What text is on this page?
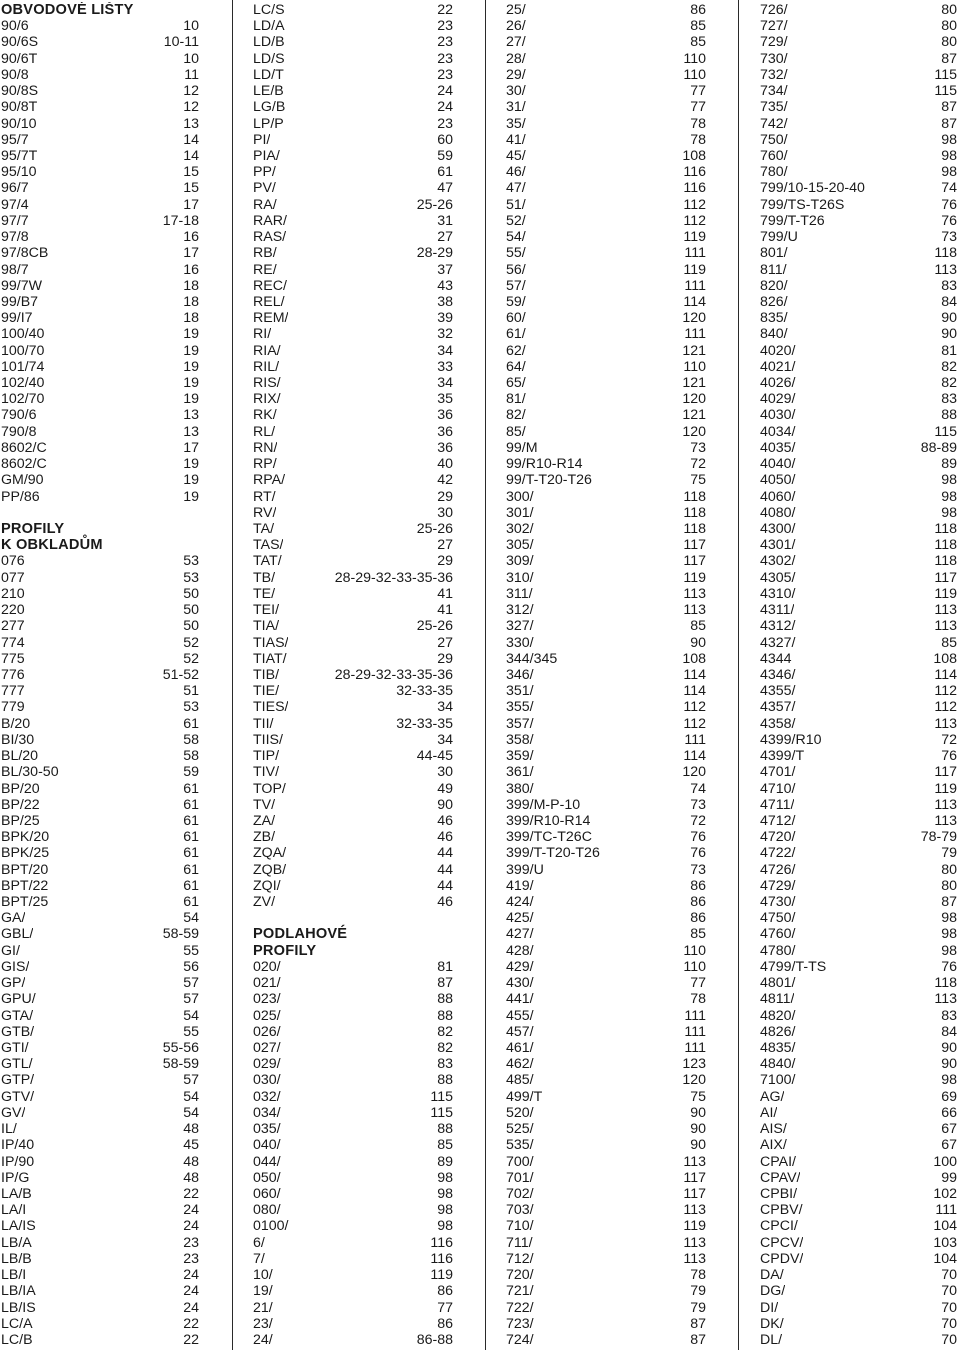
OBVODOVÉ LIŠTY
90/6	10
90/6S	10-11
90/6T	10
90/8	11
90/8S	12
90/8T	12
90/10	13
95/7	14
95/7T	14
95/10	15
96/7	15
97/4	17
97/7	17-18
97/8	16
97/8CB	17
98/7	16
99/7W	18
99/B7	18
99/I7	18
100/40	19
100/70	19
101/74	19
102/40	19
102/70	19
790/6	13
790/8	13
8602/C	17
8602/C	19
GM/90	19
PP/86	19
PROFILY
K OBKLADŮM
076	53
077	53
210	50
220	50
277	50
774	52
775	52
776	51-52
777	51
779	53
B/20	61
BI/30	58
BL/20	58
BL/30-50	59
BP/20	61
BP/22	61
BP/25	61
BPK/20	61
BPK/25	61
BPT/20	61
BPT/22	61
BPT/25	61
GA/	54
GBL/	58-59
GI/	55
GIS/	56
GP/	57
GPU/	57
GTA/	54
GTB/	55
GTI/	55-56
GTL/	58-59
GTP/	57
GTV/	54
GV/	54
IL/	48
IP/40	45
IP/90	48
IP/G	48
LA/B	22
LA/I	24
LA/IS	24
LB/A	23
LB/B	23
LB/I	24
LB/IA	24
LB/IS	24
LC/A	22
LC/B	22
LC/S	22
LD/A	23
LD/B	23
LD/S	23
LD/T	23
LE/B	24
LG/B	24
LP/P	23
PI/	60
PIA/	59
PP/	61
PV/	47
RA/	25-26
RAR/	31
RAS/	27
RB/	28-29
RE/	37
REC/	43
REL/	38
REM/	39
RI/	32
RIA/	34
RIL/	33
RIS/	34
RIX/	35
RK/	36
RL/	36
RN/	36
RP/	40
RPA/	42
RT/	29
RV/	30
TA/	25-26
TAS/	27
TAT/	29
TB/	28-29-32-33-35-36
TE/	41
TEI/	41
TIA/	25-26
TIAS/	27
TIAT/	29
TIB/	28-29-32-33-35-36
TIE/	32-33-35
TIES/	34
TII/	32-33-35
TIIS/	34
TIP/	44-45
TIV/	30
TOP/	49
TV/	90
ZA/	46
ZB/	46
ZQA/	44
ZQB/	44
ZQI/	44
ZV/	46
PODLAHOVÉ
PROFILY
020/	81
021/	87
023/	88
025/	88
026/	82
027/	82
029/	83
030/	88
032/	115
034/	115
035/	88
040/	85
044/	89
050/	98
060/	98
080/	98
0100/	98
6/	116
7/	116
10/	119
19/	86
21/	77
23/	86
24/	86-88
25/	86
26/	85
27/	85
28/	110
29/	110
30/	77
31/	77
35/	78
41/	78
45/	108
46/	116
47/	116
51/	112
52/	112
54/	119
55/	111
56/	119
57/	111
59/	114
60/	120
61/	111
62/	121
64/	110
65/	121
81/	120
82/	121
85/	120
99/M	73
99/R10-R14	72
99/T-T20-T26	75
300/	118
301/	118
302/	118
305/	117
309/	117
310/	119
311/	113
312/	113
327/	85
330/	90
344/345	108
346/	114
351/	114
355/	112
357/	112
358/	111
359/	114
361/	120
380/	74
399/M-P-10	73
399/R10-R14	72
399/TC-T26C	76
399/T-T20-T26	76
399/U	73
419/	86
424/	86
425/	86
427/	85
428/	110
429/	110
430/	77
441/	78
455/	111
457/	111
461/	111
462/	123
485/	120
499/T	75
520/	90
525/	90
535/	90
700/	113
701/	117
702/	117
703/	113
710/	119
711/	113
712/	113
720/	78
721/	79
722/	79
723/	87
724/	87
726/	80
727/	80
729/	80
730/	87
732/	115
734/	115
735/	87
742/	87
750/	98
760/	98
780/	98
799/10-15-20-40	74
799/TS-T26S	76
799/T-T26	76
799/U	73
801/	118
811/	113
820/	83
826/	84
835/	90
840/	90
4020/	81
4021/	82
4026/	82
4029/	83
4030/	88
4034/	115
4035/	88-89
4040/	89
4050/	98
4060/	98
4080/	98
4300/	118
4301/	118
4302/	118
4305/	117
4310/	119
4311/	113
4312/	113
4327/	85
4344	108
4346/	114
4355/	112
4357/	112
4358/	113
4399/R10	72
4399/T	76
4701/	117
4710/	119
4711/	113
4712/	113
4720/	78-79
4722/	79
4726/	80
4729/	80
4730/	87
4750/	98
4760/	98
4780/	98
4799/T-TS	76
4801/	118
4811/	113
4820/	83
4826/	84
4835/	90
4840/	90
7100/	98
AG/	69
AI/	66
AIS/	67
AIX/	67
CPAI/	100
CPAV/	99
CPBI/	102
CPBV/	111
CPCI/	104
CPCV/	103
CPDV/	104
DA/	70
DG/	70
DI/	70
DK/	70
DL/	70
